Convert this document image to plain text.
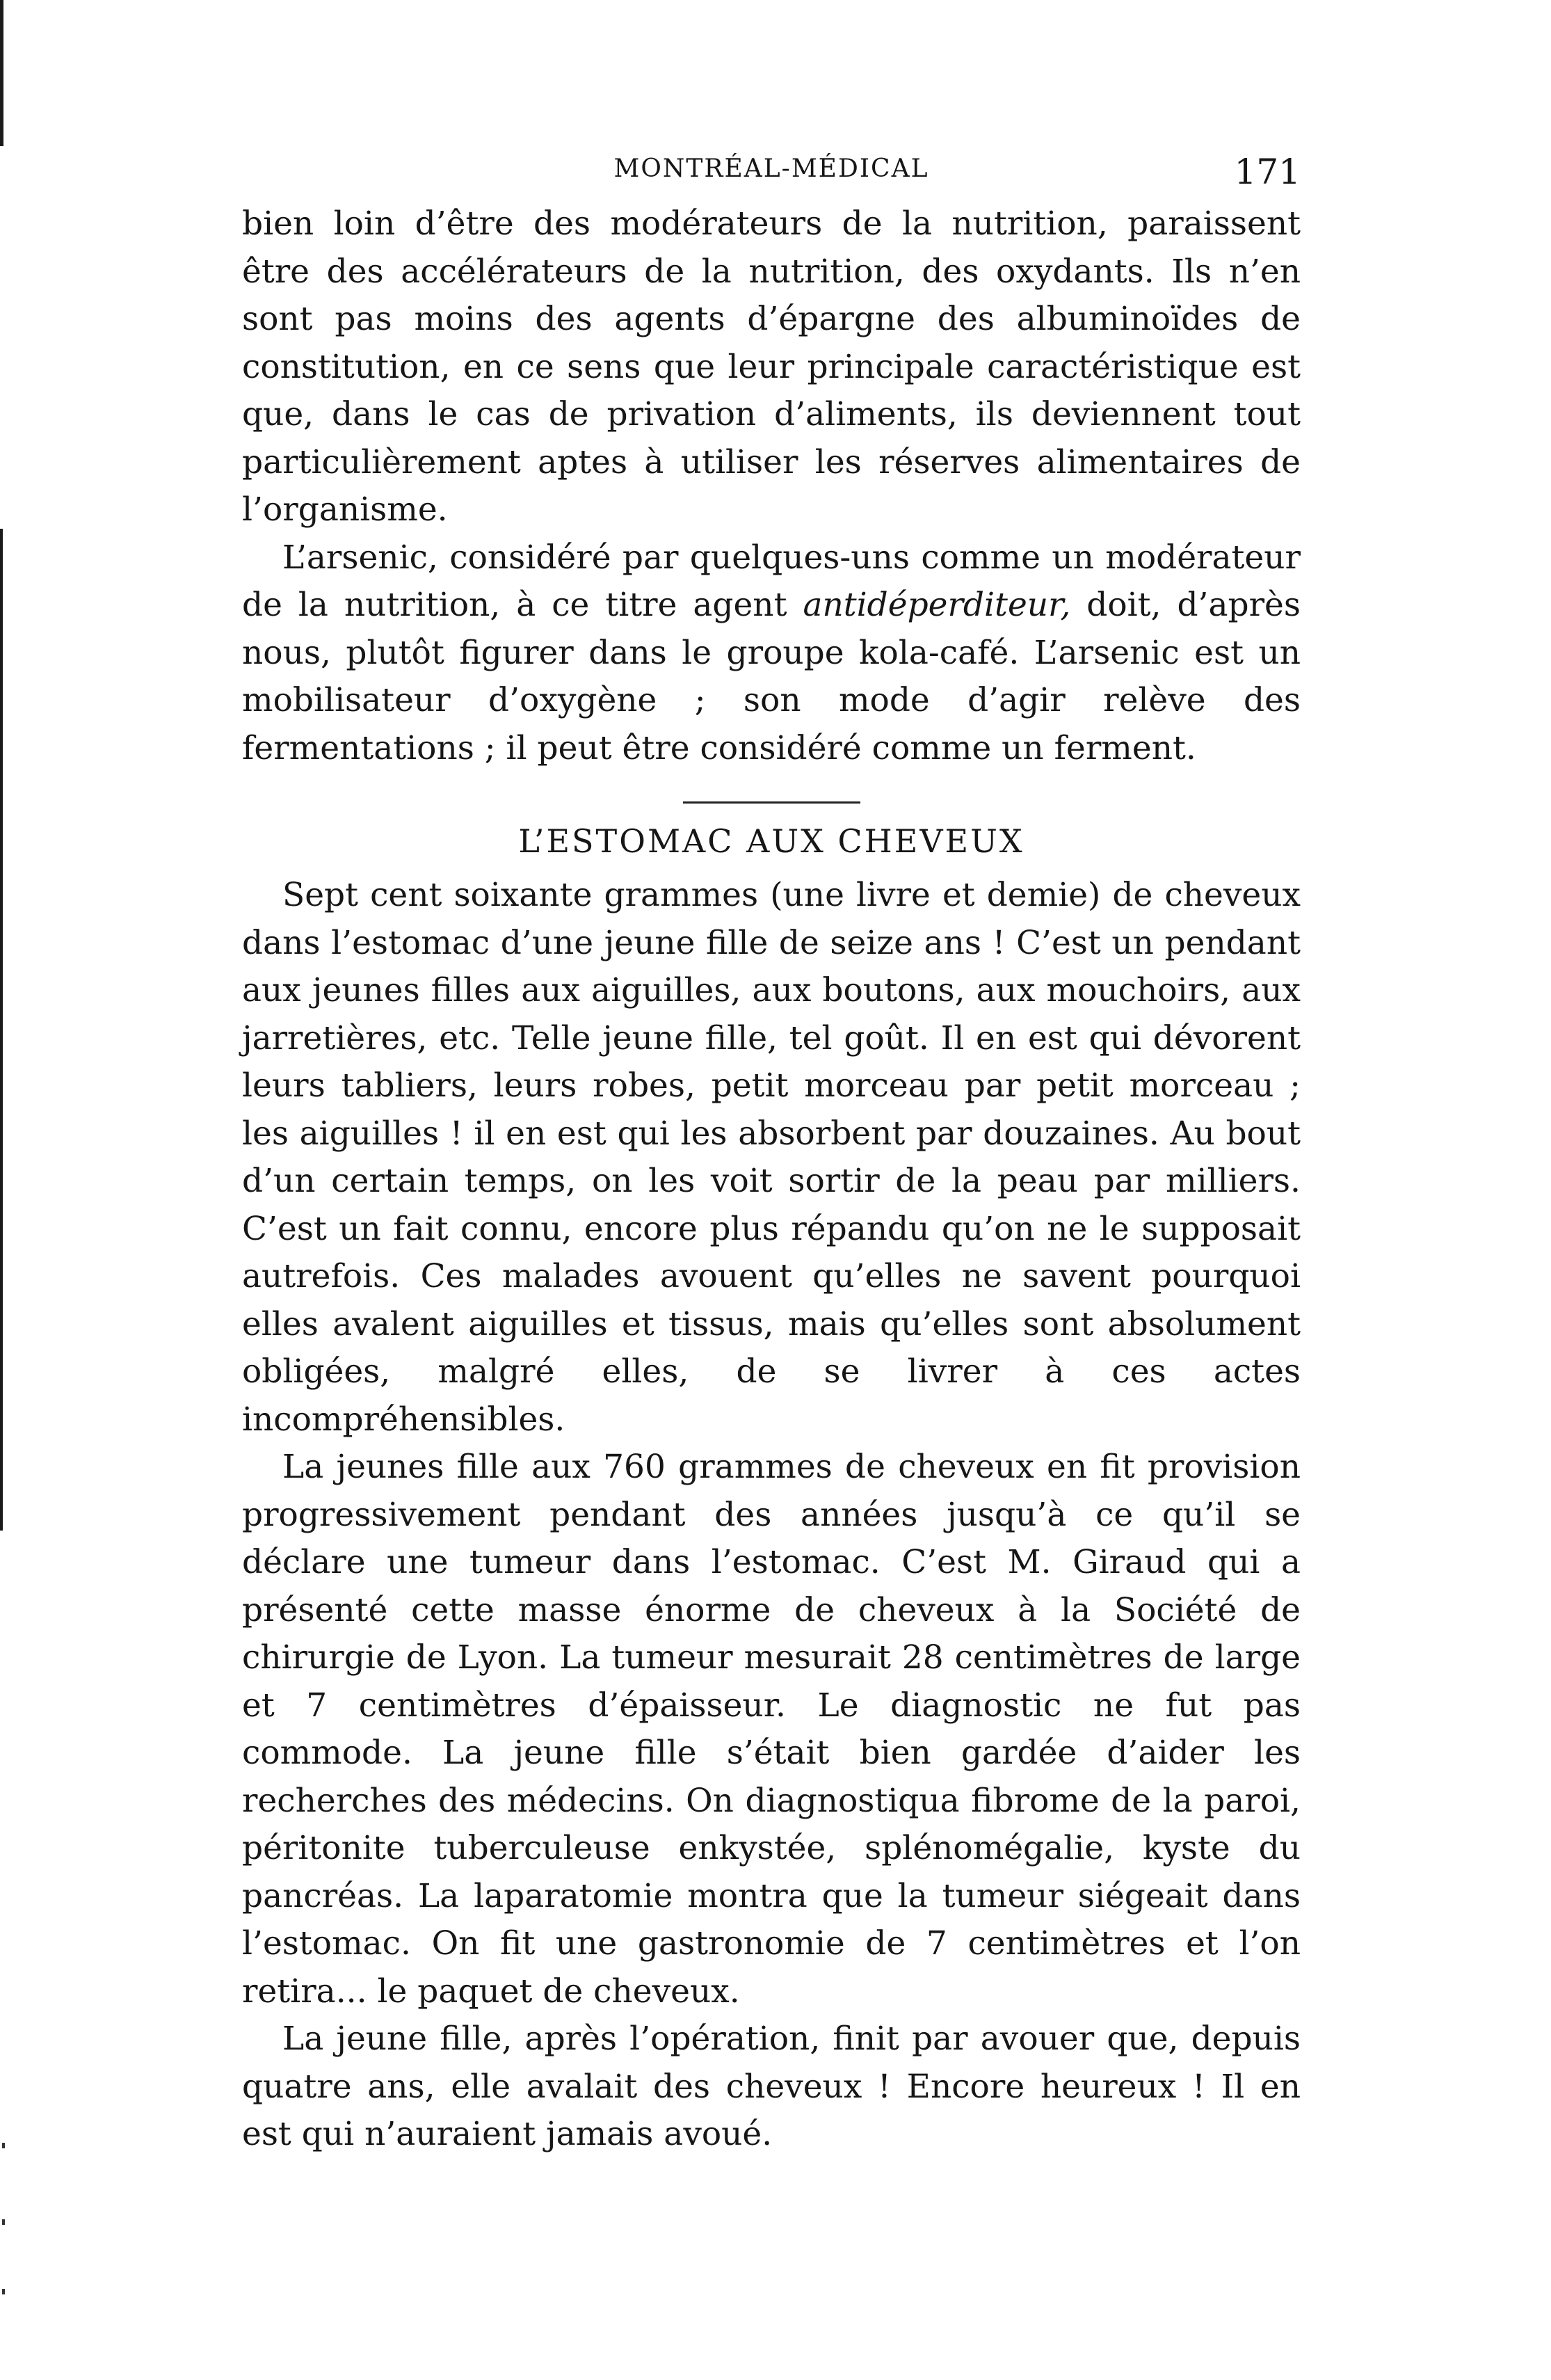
MONTRÉAL-MÉDICAL	171

bien loin d’être des modérateurs de la nutrition, paraissent être des accélérateurs de la nutrition, des oxydants. Ils n’en sont pas moins des agents d’épargne des albuminoïdes de constitution, en ce sens que leur principale caractéristique est que, dans le cas de privation d’aliments, ils deviennent tout particulièrement aptes à utiliser les réserves alimentaires de l’organisme.

L’arsenic, considéré par quelques-uns comme un modérateur de la nutrition, à ce titre agent antidéperditeur, doit, d’après nous, plutôt figurer dans le groupe kola-café. L’arsenic est un mobilisateur d’oxygène ; son mode d’agir relève des fermentations ; il peut être considéré comme un ferment.

L’ESTOMAC AUX CHEVEUX

Sept cent soixante grammes (une livre et demie) de cheveux dans l’estomac d’une jeune fille de seize ans ! C’est un pendant aux jeunes filles aux aiguilles, aux boutons, aux mouchoirs, aux jarretières, etc. Telle jeune fille, tel goût. Il en est qui dévorent leurs tabliers, leurs robes, petit morceau par petit morceau ; les aiguilles ! il en est qui les absorbent par douzaines. Au bout d’un certain temps, on les voit sortir de la peau par milliers. C’est un fait connu, encore plus répandu qu’on ne le supposait autrefois. Ces malades avouent qu’elles ne savent pourquoi elles avalent aiguilles et tissus, mais qu’elles sont absolument obligées, malgré elles, de se livrer à ces actes incompréhensibles.

La jeunes fille aux 760 grammes de cheveux en fit provision progressivement pendant des années jusqu’à ce qu’il se déclare une tumeur dans l’estomac. C’est M. Giraud qui a présenté cette masse énorme de cheveux à la Société de chirurgie de Lyon. La tumeur mesurait 28 centimètres de large et 7 centimètres d’épaisseur. Le diagnostic ne fut pas commode. La jeune fille s’était bien gardée d’aider les recherches des médecins. On diagnostiqua fibrome de la paroi, péritonite tuberculeuse enkystée, splénomégalie, kyste du pancréas. La laparatomie montra que la tumeur siégeait dans l’estomac. On fit une gastronomie de 7 centimètres et l’on retira... le paquet de cheveux.

La jeune fille, après l’opération, finit par avouer que, depuis quatre ans, elle avalait des cheveux ! Encore heureux ! Il en est qui n’auraient jamais avoué.
